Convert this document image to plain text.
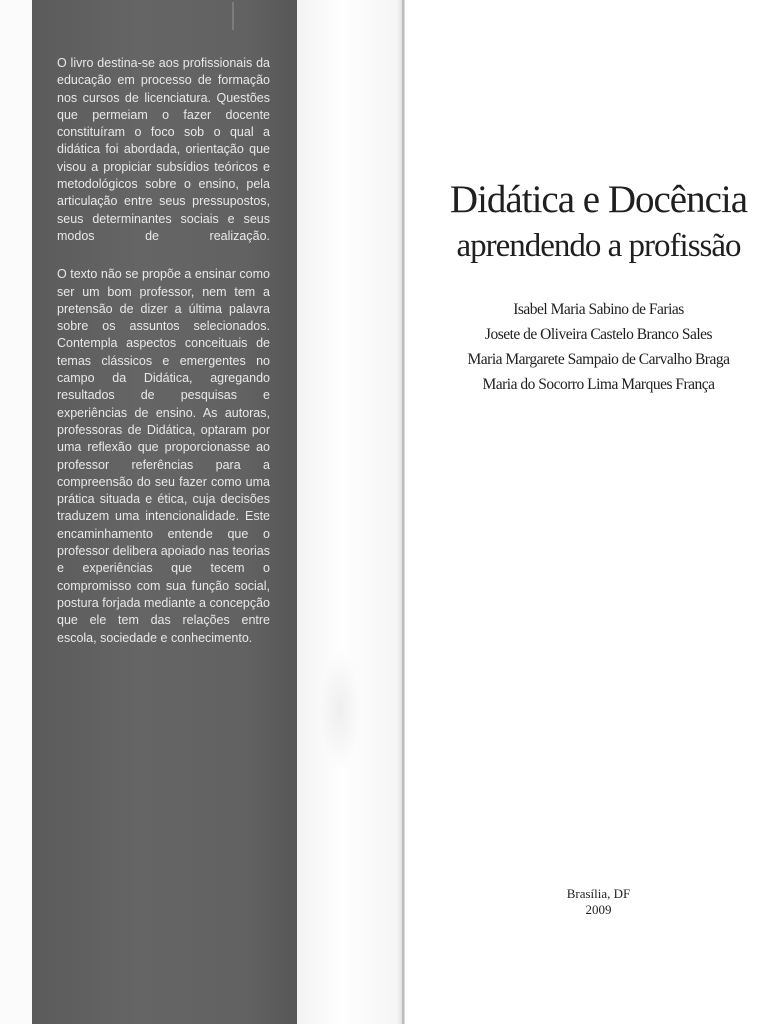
O livro destina-se aos profissionais da educação em processo de formação nos cursos de licenciatura. Questões que permeiam o fazer docente constituíram o foco sob o qual a didática foi abordada, orientação que visou a propiciar subsídios teóricos e metodológicos sobre o ensino, pela articulação entre seus pressupostos, seus determinantes sociais e seus modos de realização.

O texto não se propõe a ensinar como ser um bom professor, nem tem a pretensão de dizer a última palavra sobre os assuntos selecionados. Contempla aspectos conceituais de temas clássicos e emergentes no campo da Didática, agregando resultados de pesquisas e experiências de ensino. As autoras, professoras de Didática, optaram por uma reflexão que proporcionasse ao professor referências para a compreensão do seu fazer como uma prática situada e ética, cuja decisões traduzem uma intencionalidade. Este encaminhamento entende que o professor delibera apoiado nas teorias e experiências que tecem o compromisso com sua função social, postura forjada mediante a concepção que ele tem das relações entre escola, sociedade e conhecimento.

Didática e Docência
aprendendo a profissão
Isabel Maria Sabino de Farias
Josete de Oliveira Castelo Branco Sales
Maria Margarete Sampaio de Carvalho Braga
Maria do Socorro Lima Marques França
Brasília, DF
2009
